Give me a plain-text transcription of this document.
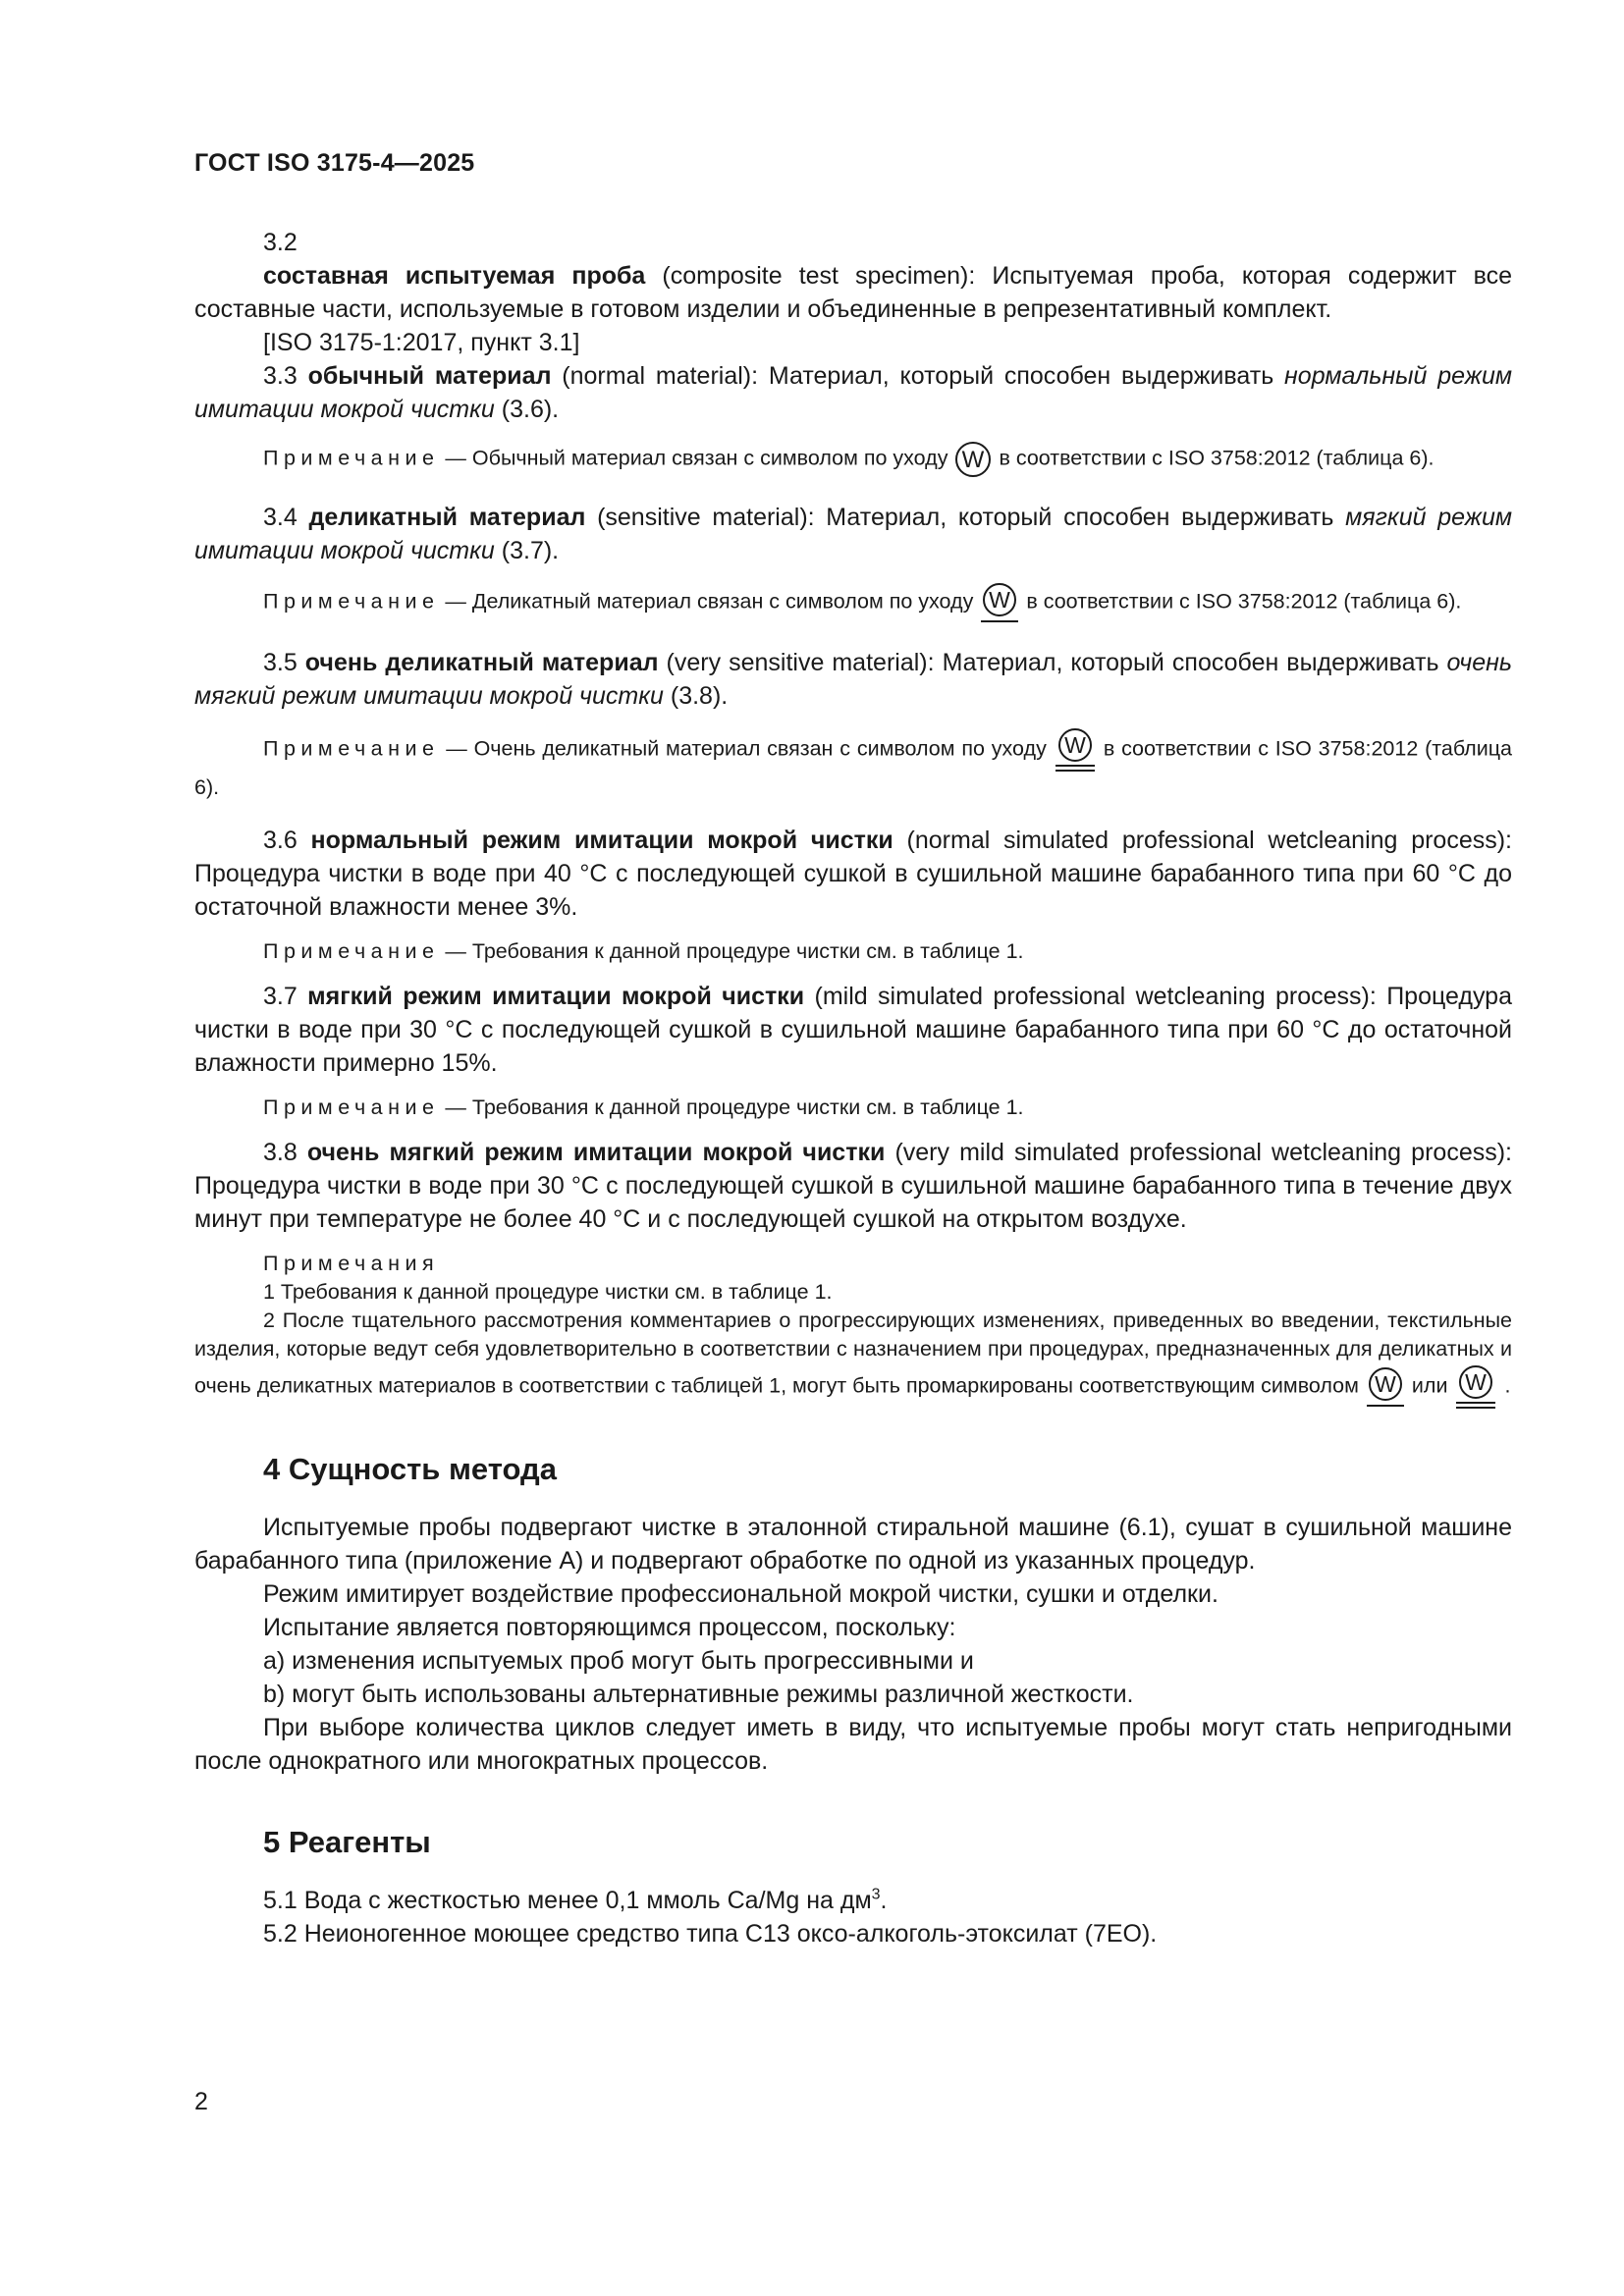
ГОСТ ISO 3175-4—2025

3.2

составная испытуемая проба (composite test specimen): Испытуемая проба, которая содержит все составные части, используемые в готовом изделии и объединенные в репрезентативный комплект.

[ISO 3175-1:2017, пункт 3.1]

3.3 обычный материал (normal material): Материал, который способен выдерживать нормальный режим имитации мокрой чистки (3.6).

Примечание — Обычный материал связан с символом по уходу W в соответствии с ISO 3758:2012 (таблица 6).

3.4 деликатный материал (sensitive material): Материал, который способен выдерживать мягкий режим имитации мокрой чистки (3.7).

Примечание — Деликатный материал связан с символом по уходу W в соответствии с ISO 3758:2012 (таблица 6).

3.5 очень деликатный материал (very sensitive material): Материал, который способен выдерживать очень мягкий режим имитации мокрой чистки (3.8).

Примечание — Очень деликатный материал связан с символом по уходу W в соответствии с ISO 3758:2012 (таблица 6).

3.6 нормальный режим имитации мокрой чистки (normal simulated professional wetcleaning process): Процедура чистки в воде при 40 °С с последующей сушкой в сушильной машине барабанного типа при 60 °С до остаточной влажности менее 3%.

Примечание — Требования к данной процедуре чистки см. в таблице 1.

3.7 мягкий режим имитации мокрой чистки (mild simulated professional wetcleaning process): Процедура чистки в воде при 30 °С с последующей сушкой в сушильной машине барабанного типа при 60 °С до остаточной влажности примерно 15%.

Примечание — Требования к данной процедуре чистки см. в таблице 1.

3.8 очень мягкий режим имитации мокрой чистки (very mild simulated professional wetcleaning process): Процедура чистки в воде при 30 °С с последующей сушкой в сушильной машине барабанного типа в течение двух минут при температуре не более 40 °С и с последующей сушкой на открытом воздухе.

Примечания

1 Требования к данной процедуре чистки см. в таблице 1.

2 После тщательного рассмотрения комментариев о прогрессирующих изменениях, приведенных во введении, текстильные изделия, которые ведут себя удовлетворительно в соответствии с назначением при процедурах, предназначенных для деликатных и очень деликатных материалов в соответствии с таблицей 1, могут быть промаркированы соответствующим символом W или W .

4 Сущность метода

Испытуемые пробы подвергают чистке в эталонной стиральной машине (6.1), сушат в сушильной машине барабанного типа (приложение А) и подвергают обработке по одной из указанных процедур.

Режим имитирует воздействие профессиональной мокрой чистки, сушки и отделки.

Испытание является повторяющимся процессом, поскольку:

a) изменения испытуемых проб могут быть прогрессивными и

b) могут быть использованы альтернативные режимы различной жесткости.

При выборе количества циклов следует иметь в виду, что испытуемые пробы могут стать непригодными после однократного или многократных процессов.

5 Реагенты

5.1 Вода с жесткостью менее 0,1 ммоль Ca/Mg на $дм^3$.

5.2 Неионогенное моющее средство типа С13 оксо-алкоголь-этоксилат (7ЕО).

2
